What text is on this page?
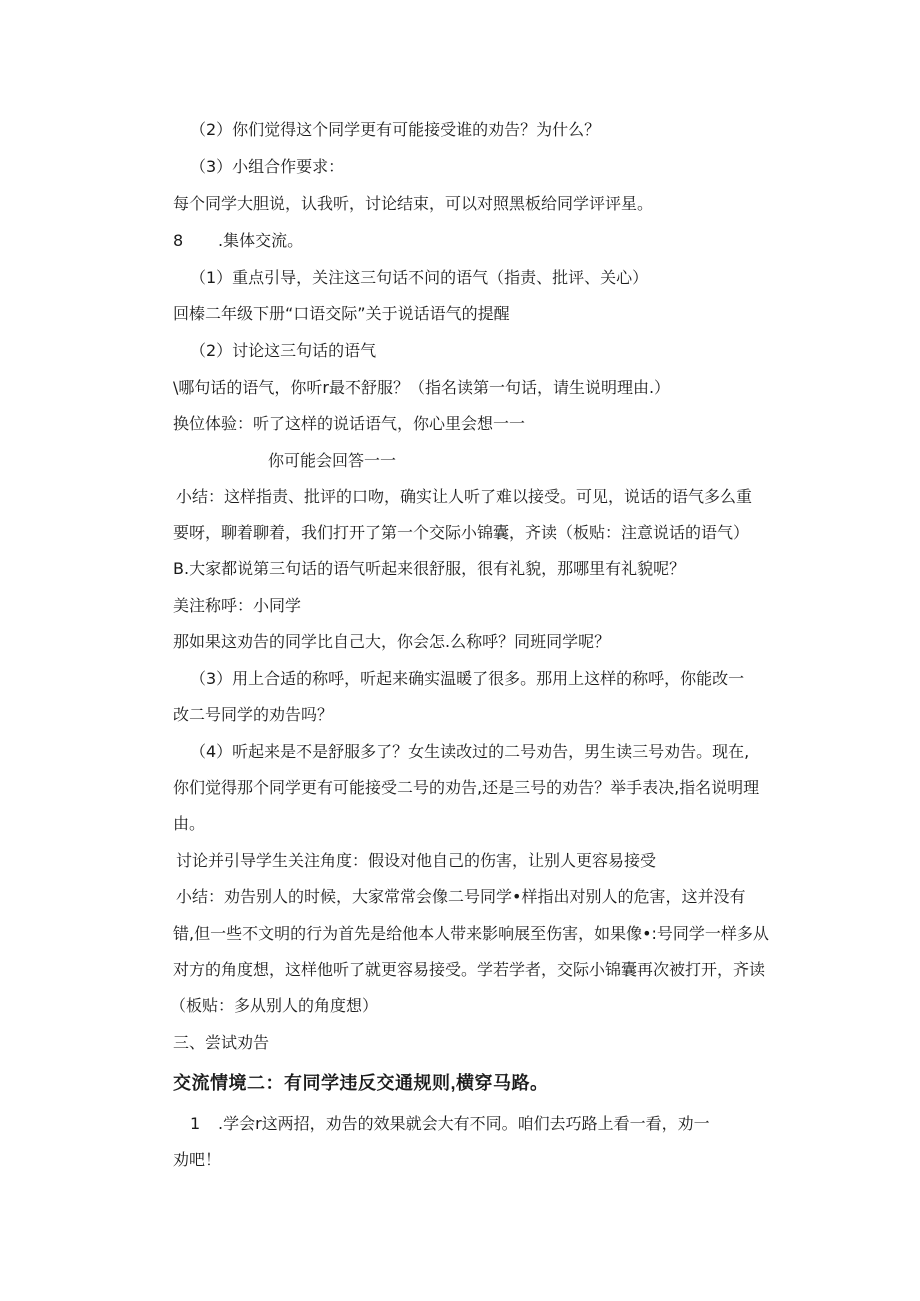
（2）你们觉得这个同学更有可能接受谁的劝告？为什么？
（3）小组合作要求：
每个同学大胆说，认我听，讨论结束，可以对照黑板给同学评评星。
8 .集体交流。
（1）重点引导，关注这三句话不问的语气（指责、批评、关心）
回榛二年级下册“口语交际”关于说话语气的提醒
（2）讨论这三句话的语气
\哪句话的语气，你听r最不舒服？（指名读第一句话，请生说明理由.）
换位体验：听了这样的说话语气，你心里会想一一
你可能会回答一一
小结：这样指责、批评的口吻，确实让人听了难以接受。可见，说话的语气多么重
要呀，聊着聊着，我们打开了第一个交际小锦囊，齐读（板贴：注意说话的语气）
B.大家都说第三句话的语气听起来很舒服，很有礼貌，那哪里有礼貌呢？
美注称呼：小同学
那如果这劝告的同学比自己大，你会怎.么称呼？同班同学呢？
（3）用上合适的称呼，听起来确实温暖了很多。那用上这样的称呼，你能改一
改二号同学的劝告吗？
（4）听起来是不是舒服多了？女生读改过的二号劝告，男生读三号劝告。现在,
你们觉得那个同学更有可能接受二号的劝告,还是三号的劝告？举手表决,指名说明理
由。
讨论并引导学生关注角度：假设对他自己的伤害，让别人更容易接受
小结：劝告别人的时候，大家常常会像二号同学•样指出对别人的危害，这并没有
错,但一些不文明的行为首先是给他本人带来影响展至伤害，如果像•:号同学一样多从
对方的角度想，这样他听了就更容易接受。学若学者，交际小锦囊再次被打开，齐读
（板贴：多从别人的角度想）
三、尝试劝告
交流情境二：有同学违反交通规则,横穿马路。
1 .学会r这两招，劝告的效果就会大有不同。咱们去巧路上看一看，劝一
劝吧！
